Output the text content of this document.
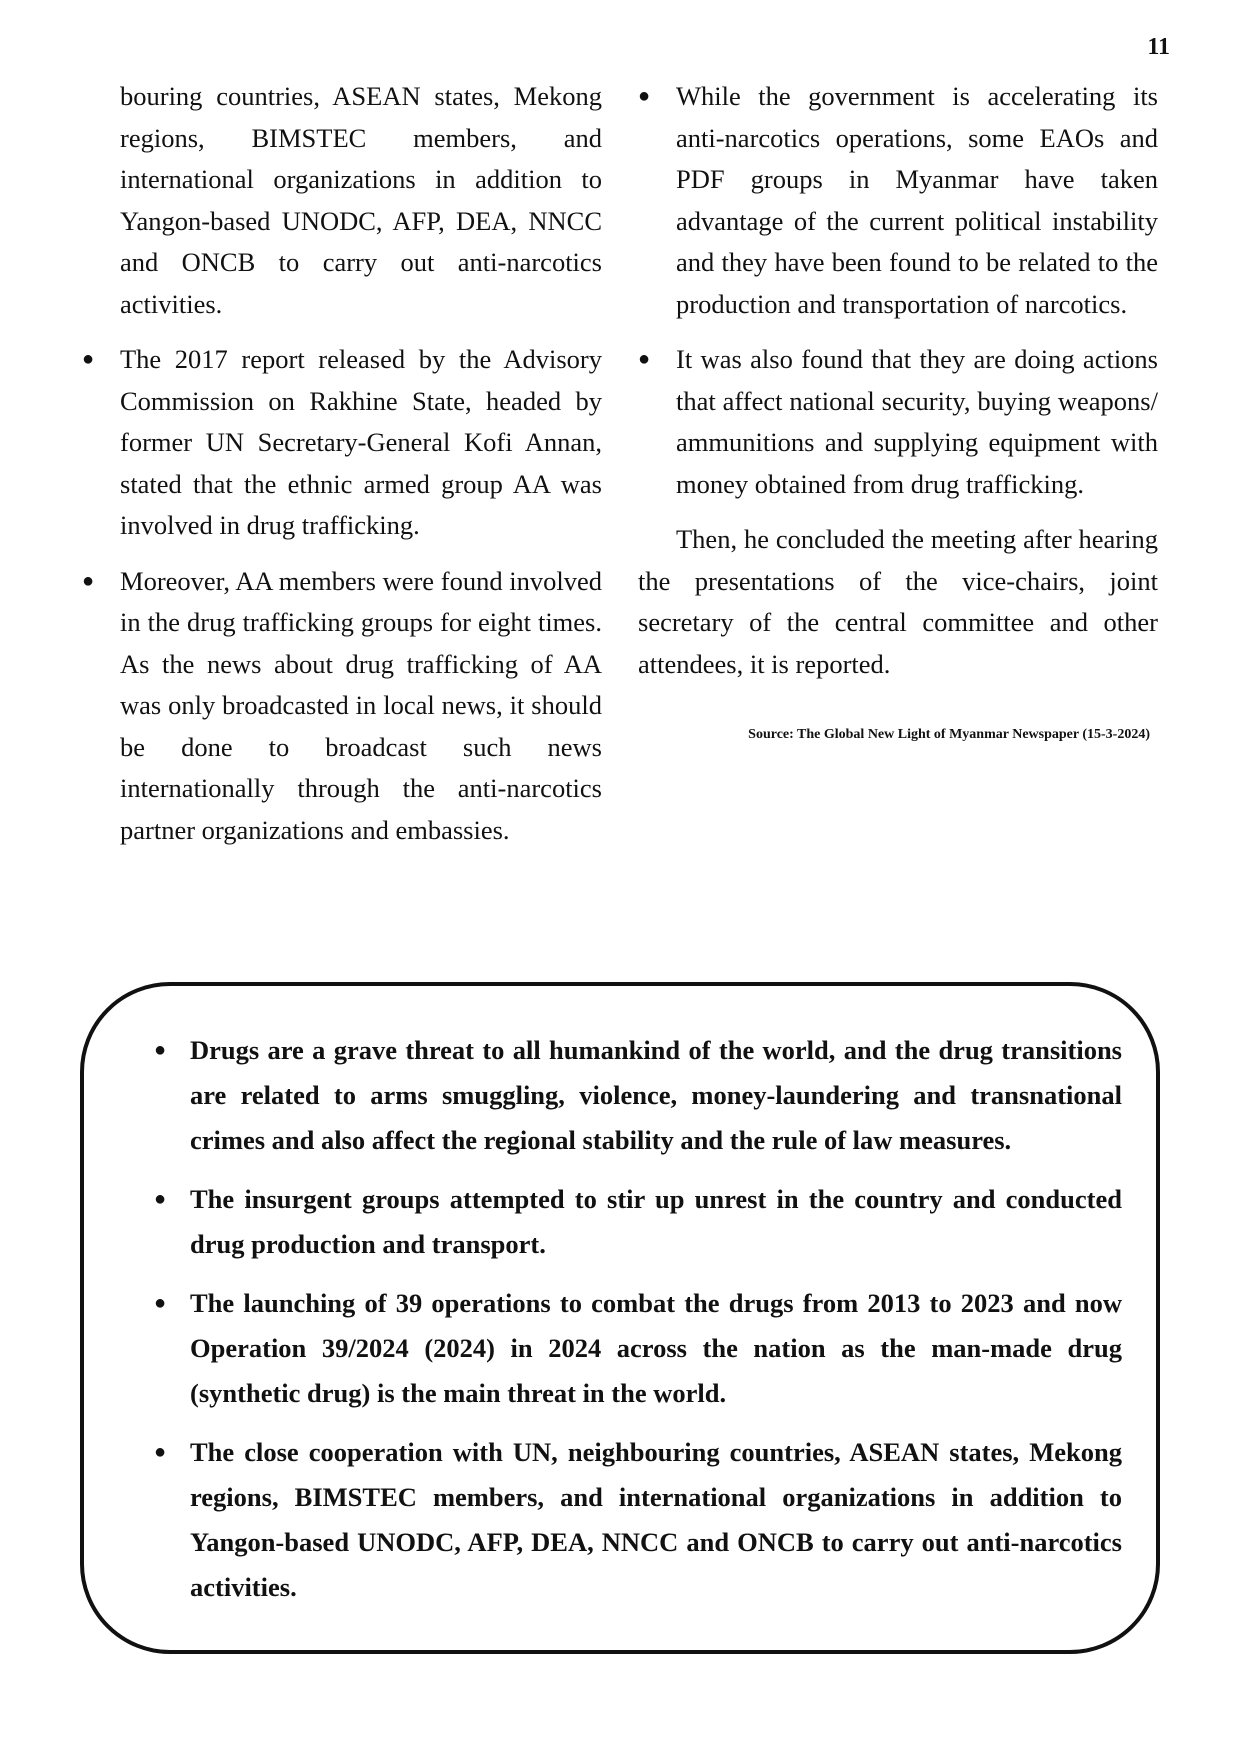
11

bouring countries, ASEAN states, Mekong regions, BIMSTEC members, and international organizations in addition to Yangon-based UNODC, AFP, DEA, NNCC and ONCB to carry out anti-narcotics activities.

● The 2017 report released by the Advisory Commission on Rakhine State, headed by former UN Secretary-General Kofi Annan, stated that the ethnic armed group AA was involved in drug trafficking.
● Moreover, AA members were found involved in the drug trafficking groups for eight times. As the news about drug trafficking of AA was only broadcasted in local news, it should be done to broadcast such news internationally through the anti-narcotics partner organizations and embassies.
● While the government is accelerating its anti-narcotics operations, some EAOs and PDF groups in Myanmar have taken advantage of the current political instability and they have been found to be related to the production and transportation of narcotics.
● It was also found that they are doing actions that affect national security, buying weapons/ ammunitions and supplying equipment with money obtained from drug trafficking.

Then, he concluded the meeting after hearing the presentations of the vice-chairs, joint secretary of the central committee and other attendees, it is reported.

Source: The Global New Light of Myanmar Newspaper (15-3-2024)
● Drugs are a grave threat to all humankind of the world, and the drug transitions are related to arms smuggling, violence, money-laundering and transnational crimes and also affect the regional stability and the rule of law measures.
● The insurgent groups attempted to stir up unrest in the country and conducted drug production and transport.
● The launching of 39 operations to combat the drugs from 2013 to 2023 and now Operation 39/2024 (2024) in 2024 across the nation as the man-made drug (synthetic drug) is the main threat in the world.
● The close cooperation with UN, neighbouring countries, ASEAN states, Mekong regions, BIMSTEC members, and international organizations in addition to Yangon-based UNODC, AFP, DEA, NNCC and ONCB to carry out anti-narcotics activities.
